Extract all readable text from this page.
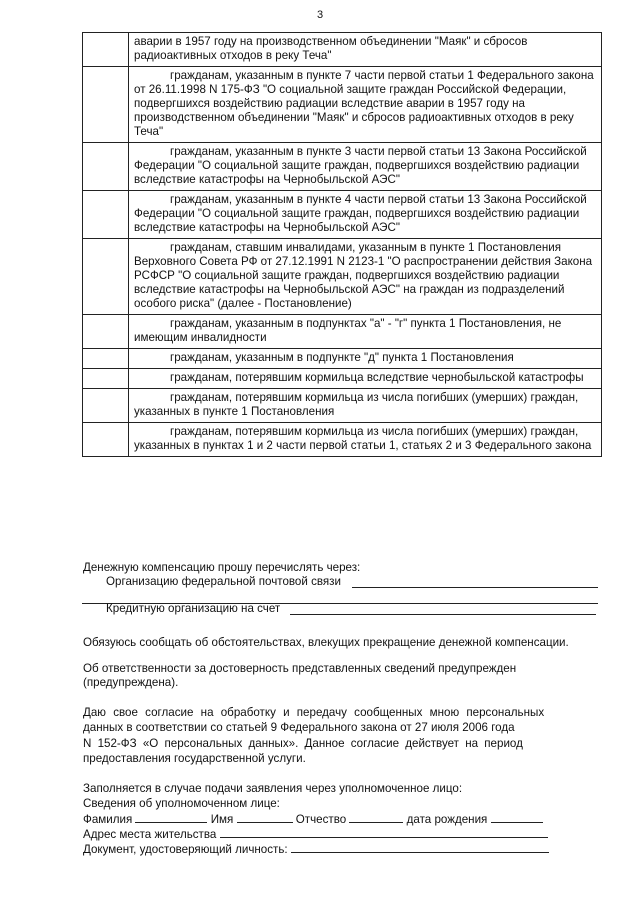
3
	аварии в 1957 году на производственном объединении "Маяк" и сбросов радиоактивных отходов в реку Теча"
	гражданам, указанным в пункте 7 части первой статьи 1 Федерального закона от 26.11.1998 N 175-ФЗ "О социальной защите граждан Российской Федерации, подвергшихся воздействию радиации вследствие аварии в 1957 году на производственном объединении "Маяк" и сбросов радиоактивных отходов в реку Теча"
	гражданам, указанным в пункте 3 части первой статьи 13 Закона Российской Федерации "О социальной защите граждан, подвергшихся воздействию радиации вследствие катастрофы на Чернобыльской АЭС"
	гражданам, указанным в пункте 4 части первой статьи 13 Закона Российской Федерации "О социальной защите граждан, подвергшихся воздействию радиации вследствие катастрофы на Чернобыльской АЭС"
	гражданам, ставшим инвалидами, указанным в пункте 1 Постановления Верховного Совета РФ от 27.12.1991 N 2123-1 "О распространении действия Закона РСФСР "О социальной защите граждан, подвергшихся воздействию радиации вследствие катастрофы на Чернобыльской АЭС" на граждан из подразделений особого риска" (далее - Постановление)
	гражданам, указанным в подпунктах "а" - "г" пункта 1 Постановления, не имеющим инвалидности
	гражданам, указанным в подпункте "д" пункта 1 Постановления
	гражданам, потерявшим кормильца вследствие чернобыльской катастрофы
	гражданам, потерявшим кормильца из числа погибших (умерших) граждан, указанных в пункте 1 Постановления
	гражданам, потерявшим кормильца из числа погибших (умерших) граждан, указанных в пунктах 1 и 2 части первой статьи 1, статьях 2 и 3 Федерального закона
Денежную компенсацию прошу перечислять через:
Организацию федеральной почтовой связи
Кредитную организацию на счет
Обязуюсь сообщать об обстоятельствах, влекущих прекращение денежной компенсации.
Об ответственности за достоверность представленных сведений предупрежден
(предупреждена).
Даю свое согласие на обработку и передачу сообщенных мною персональных
данных в соответствии со статьей 9 Федерального закона от 27 июля 2006 года
N 152-ФЗ «О персональных данных». Данное согласие действует на период
предоставления государственной услуги.
Заполняется в случае подачи заявления через уполномоченное лицо:
Сведения об уполномоченном лице:
Фамилия	Имя	Отчество	дата рождения
Адрес места жительства
Документ, удостоверяющий личность:
